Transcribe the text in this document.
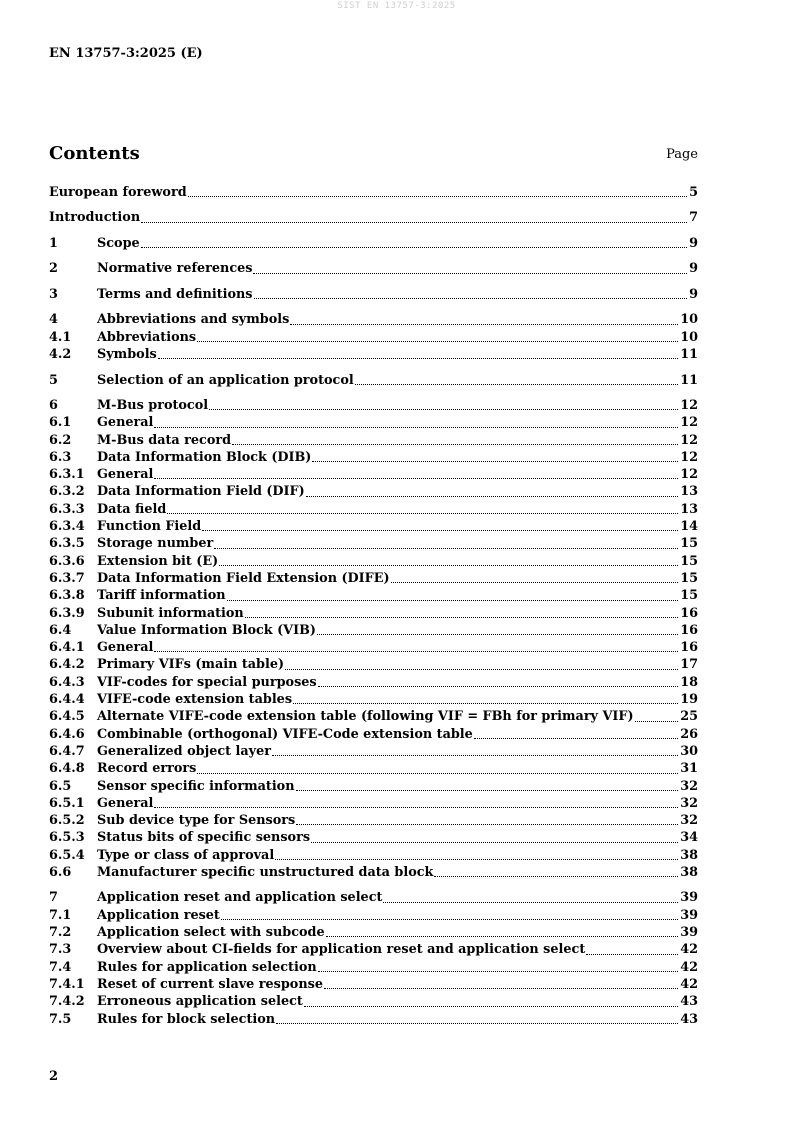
SIST EN 13757-3:2025
EN 13757-3:2025 (E)
Contents	Page
European foreword	5
Introduction	7
1	Scope	9
2	Normative references	9
3	Terms and definitions	9
4	Abbreviations and symbols	10
4.1	Abbreviations	10
4.2	Symbols	11
5	Selection of an application protocol	11
6	M-Bus protocol	12
6.1	General	12
6.2	M-Bus data record	12
6.3	Data Information Block (DIB)	12
6.3.1 General	12
6.3.2 Data Information Field (DIF)	13
6.3.3 Data field	13
6.3.4 Function Field	14
6.3.5 Storage number	15
6.3.6 Extension bit (E)	15
6.3.7 Data Information Field Extension (DIFE)	15
6.3.8 Tariff information	15
6.3.9 Subunit information	16
6.4	Value Information Block (VIB)	16
6.4.1 General	16
6.4.2 Primary VIFs (main table)	17
6.4.3 VIF-codes for special purposes	18
6.4.4 VIFE-code extension tables	19
6.4.5 Alternate VIFE-code extension table (following VIF = FBh for primary VIF)	25
6.4.6 Combinable (orthogonal) VIFE-Code extension table	26
6.4.7 Generalized object layer	30
6.4.8 Record errors	31
6.5	Sensor specific information	32
6.5.1 General	32
6.5.2 Sub device type for Sensors	32
6.5.3 Status bits of specific sensors	34
6.5.4 Type or class of approval	38
6.6	Manufacturer specific unstructured data block	38
7	Application reset and application select	39
7.1	Application reset	39
7.2	Application select with subcode	39
7.3	Overview about CI-fields for application reset and application select	42
7.4	Rules for application selection	42
7.4.1 Reset of current slave response	42
7.4.2 Erroneous application select	43
7.5	Rules for block selection	43
2
